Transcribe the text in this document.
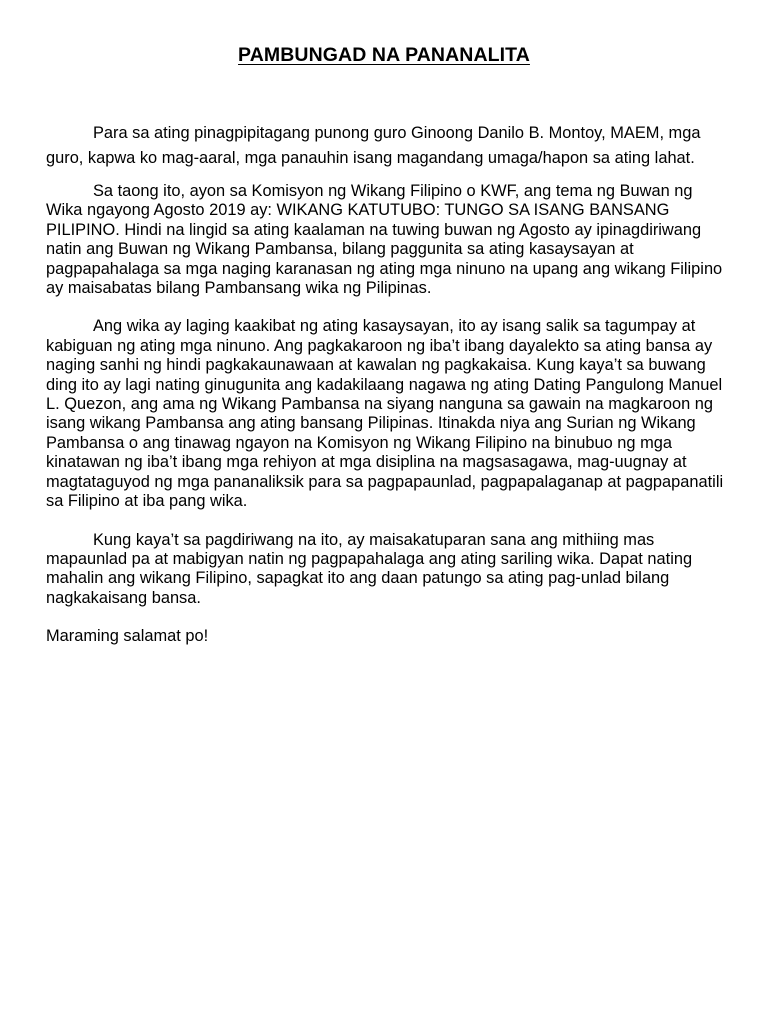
PAMBUNGAD NA PANANALITA

Para sa ating pinagpipitagang punong guro Ginoong Danilo B. Montoy, MAEM, mga guro, kapwa ko mag-aaral, mga panauhin isang magandang umaga/hapon sa ating lahat.

Sa taong ito, ayon sa Komisyon ng Wikang Filipino o KWF, ang tema ng Buwan ng Wika ngayong Agosto 2019 ay: WIKANG KATUTUBO: TUNGO SA ISANG BANSANG PILIPINO. Hindi na lingid sa ating kaalaman na tuwing buwan ng Agosto ay ipinagdiriwang natin ang Buwan ng Wikang Pambansa, bilang paggunita sa ating kasaysayan at pagpapahalaga sa mga naging karanasan ng ating mga ninuno na upang ang wikang Filipino ay maisabatas bilang Pambansang wika ng Pilipinas.

Ang wika ay laging kaakibat ng ating kasaysayan, ito ay isang salik sa tagumpay at kabiguan ng ating mga ninuno. Ang pagkakaroon ng iba’t ibang dayalekto sa ating bansa ay naging sanhi ng hindi pagkakaunawaan at kawalan ng pagkakaisa. Kung kaya’t sa buwang ding ito ay lagi nating ginugunita ang kadakilaang nagawa ng ating Dating Pangulong Manuel L. Quezon, ang ama ng Wikang Pambansa na siyang nanguna sa gawain na magkaroon ng isang wikang Pambansa ang ating bansang Pilipinas. Itinakda niya ang Surian ng Wikang Pambansa o ang tinawag ngayon na Komisyon ng Wikang Filipino na binubuo ng mga kinatawan ng iba’t ibang mga rehiyon at mga disiplina na magsasagawa, mag-uugnay at magtataguyod ng mga pananaliksik para sa pagpapaunlad, pagpapalaganap at pagpapanatili sa Filipino at iba pang wika.

Kung kaya’t sa pagdiriwang na ito, ay maisakatuparan sana ang mithiing mas mapaunlad pa at mabigyan natin ng pagpapahalaga ang ating sariling wika. Dapat nating mahalin ang wikang Filipino, sapagkat ito ang daan patungo sa ating pag-unlad bilang nagkakaisang bansa.

Maraming salamat po!
